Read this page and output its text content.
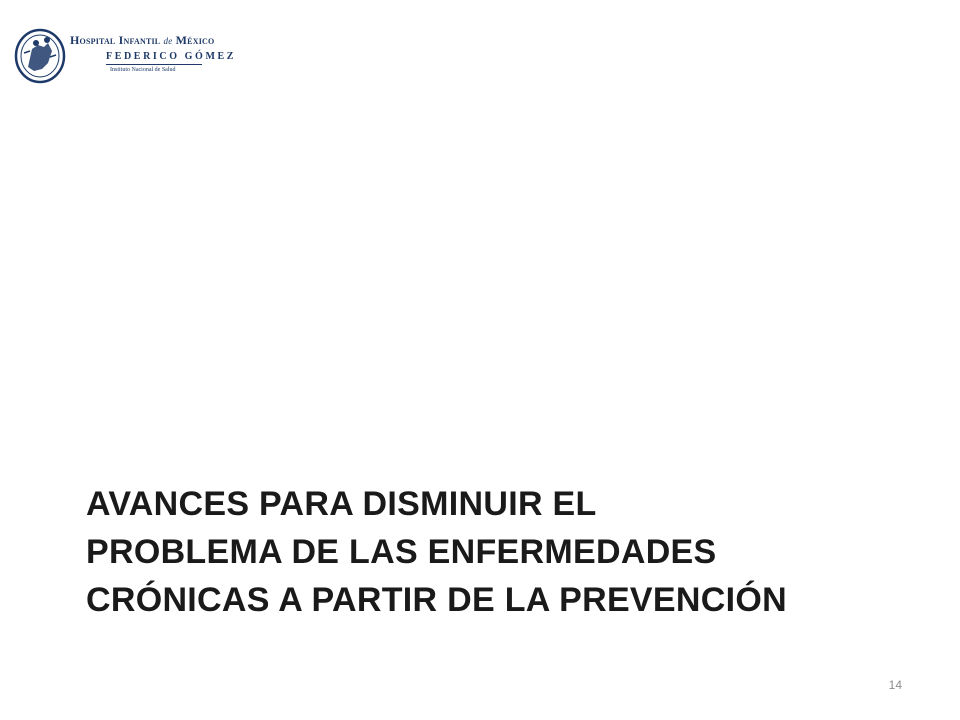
Hospital Infantil de México
FEDERICO GÓMEZ
Instituto Nacional de Salud
AVANCES PARA DISMINUIR EL
PROBLEMA DE LAS ENFERMEDADES
CRÓNICAS A PARTIR DE LA PREVENCIÓN
14
